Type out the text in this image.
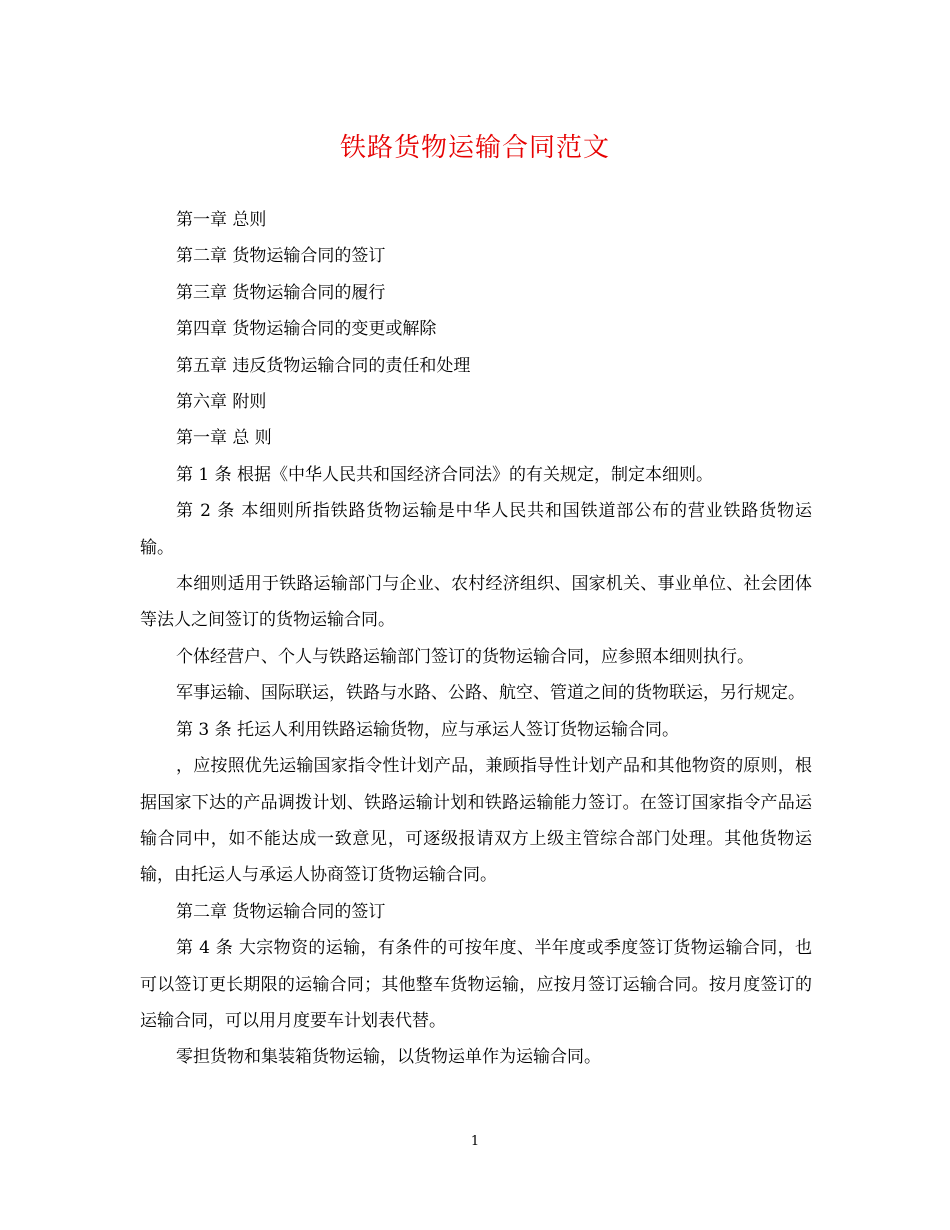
铁路货物运输合同范文

第一章 总则

第二章 货物运输合同的签订

第三章 货物运输合同的履行

第四章 货物运输合同的变更或解除

第五章 违反货物运输合同的责任和处理

第六章 附则

第一章 总 则

第 1 条 根据《中华人民共和国经济合同法》的有关规定，制定本细则。

第 2 条 本细则所指铁路货物运输是中华人民共和国铁道部公布的营业铁路货物运输。

本细则适用于铁路运输部门与企业、农村经济组织、国家机关、事业单位、社会团体等法人之间签订的货物运输合同。

个体经营户、个人与铁路运输部门签订的货物运输合同，应参照本细则执行。

军事运输、国际联运，铁路与水路、公路、航空、管道之间的货物联运，另行规定。

第 3 条 托运人利用铁路运输货物，应与承运人签订货物运输合同。

，应按照优先运输国家指令性计划产品，兼顾指导性计划产品和其他物资的原则，根据国家下达的产品调拨计划、铁路运输计划和铁路运输能力签订。在签订国家指令产品运输合同中，如不能达成一致意见，可逐级报请双方上级主管综合部门处理。其他货物运输，由托运人与承运人协商签订货物运输合同。

第二章 货物运输合同的签订

第 4 条 大宗物资的运输，有条件的可按年度、半年度或季度签订货物运输合同，也可以签订更长期限的运输合同；其他整车货物运输，应按月签订运输合同。按月度签订的运输合同，可以用月度要车计划表代替。

零担货物和集装箱货物运输，以货物运单作为运输合同。

1
